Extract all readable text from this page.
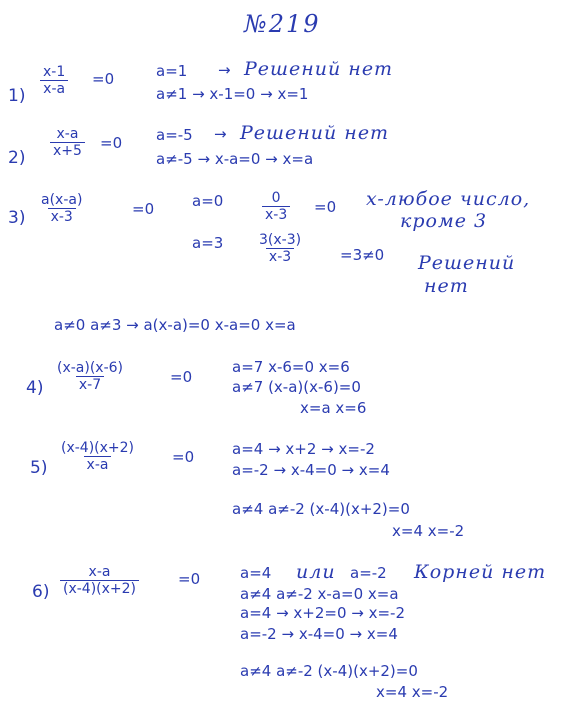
№219
$1) \frac{x-1}{x-a} =0$	a=1 → Решений нет
a≠1 → x-1=0 → x=1
$2) \frac{x-a}{x+5} =0$ a=-5 → Решений нет
a≠-5 → x-a=0 → x=a
$3) \frac{a(x-a)}{x-3}$	=0	a=0	$\frac{0}{x-3} =0$ x-любое число,
кроме 3
$a=3 \frac{3(x-3)}{x-3} =3\ne 0$ Решений
нет
a≠0 a≠3 → a(x-a)=0 x-a=0 x=a
$4) \frac{(x-a)(x-6)}{x-7}$	=0
a=7 x-6=0 x=6
a≠7 (x-a)(x-6)=0
x=a x=6
$5) \frac{(x-4)(x+2)}{x-a} =0$	a=4 → x+2 → x=-2
a=-2 → x-4=0 → x=4
a≠4 a≠-2 (x-4)(x+2)=0
x=4 x=-2
$6) \frac{x-a}{(x-4)(x+2)}$	=0	a=4 или a=-2 Корней нет
a≠4 a≠-2 x-a=0 x=a
a=4 → x+2=0 → x=-2
a=-2 → x-4=0 → x=4
a≠4 a≠-2 (x-4)(x+2)=0
x=4 x=-2
